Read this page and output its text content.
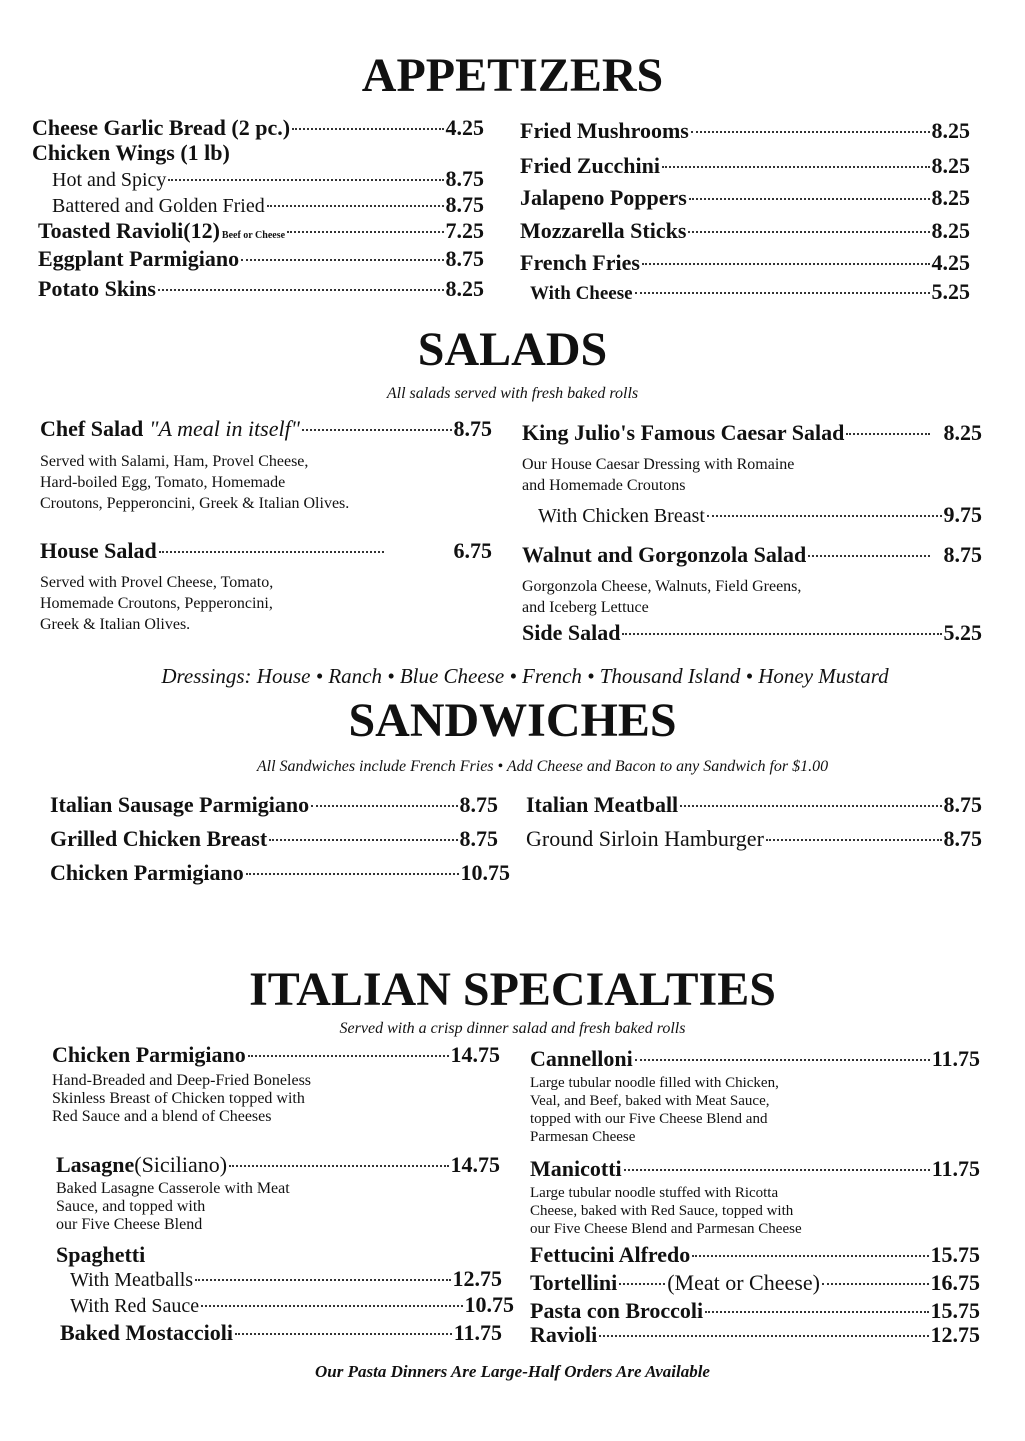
APPETIZERS
Cheese Garlic Bread (2 pc.)	4.25
Chicken Wings (1 lb)
Hot and Spicy	8.75
Battered and Golden Fried	8.75
Toasted Ravioli(12) Beef or Cheese	7.25
Eggplant Parmigiano	8.75
Potato Skins	8.25
Fried Mushrooms	8.25
Fried Zucchini	8.25
Jalapeno Poppers	8.25
Mozzarella Sticks	8.25
French Fries	4.25
With Cheese	5.25
SALADS
All salads served with fresh baked rolls
Chef Salad "A meal in itself"	8.75
Served with Salami, Ham, Provel Cheese,
Hard-boiled Egg, Tomato, Homemade
Croutons, Pepperoncini, Greek & Italian Olives.
House Salad	6.75
Served with Provel Cheese, Tomato,
Homemade Croutons, Pepperoncini,
Greek & Italian Olives.
King Julio's Famous Caesar Salad	8.25
Our House Caesar Dressing with Romaine
and Homemade Croutons
With Chicken Breast	9.75
Walnut and Gorgonzola Salad	8.75
Gorgonzola Cheese, Walnuts, Field Greens,
and Iceberg Lettuce
Side Salad	5.25
Dressings: House • Ranch • Blue Cheese • French • Thousand Island • Honey Mustard
SANDWICHES
All Sandwiches include French Fries • Add Cheese and Bacon to any Sandwich for $1.00
Italian Sausage Parmigiano	8.75
Grilled Chicken Breast	8.75
Chicken Parmigiano	10.75
Italian Meatball	8.75
Ground Sirloin Hamburger	8.75
ITALIAN SPECIALTIES
Served with a crisp dinner salad and fresh baked rolls
Chicken Parmigiano	14.75
Hand-Breaded and Deep-Fried Boneless
Skinless Breast of Chicken topped with
Red Sauce and a blend of Cheeses
Lasagne (Siciliano)	14.75
Baked Lasagne Casserole with Meat
Sauce, and topped with
our Five Cheese Blend
Spaghetti
With Meatballs	12.75
With Red Sauce	10.75
Baked Mostaccioli	11.75
Cannelloni	11.75
Large tubular noodle filled with Chicken,
Veal, and Beef, baked with Meat Sauce,
topped with our Five Cheese Blend and
Parmesan Cheese
Manicotti	11.75
Large tubular noodle stuffed with Ricotta
Cheese, baked with Red Sauce, topped with
our Five Cheese Blend and Parmesan Cheese
Fettucini Alfredo	15.75
Tortellini (Meat or Cheese)	16.75
Pasta con Broccoli	15.75
Ravioli	12.75
Our Pasta Dinners Are Large-Half Orders Are Available
